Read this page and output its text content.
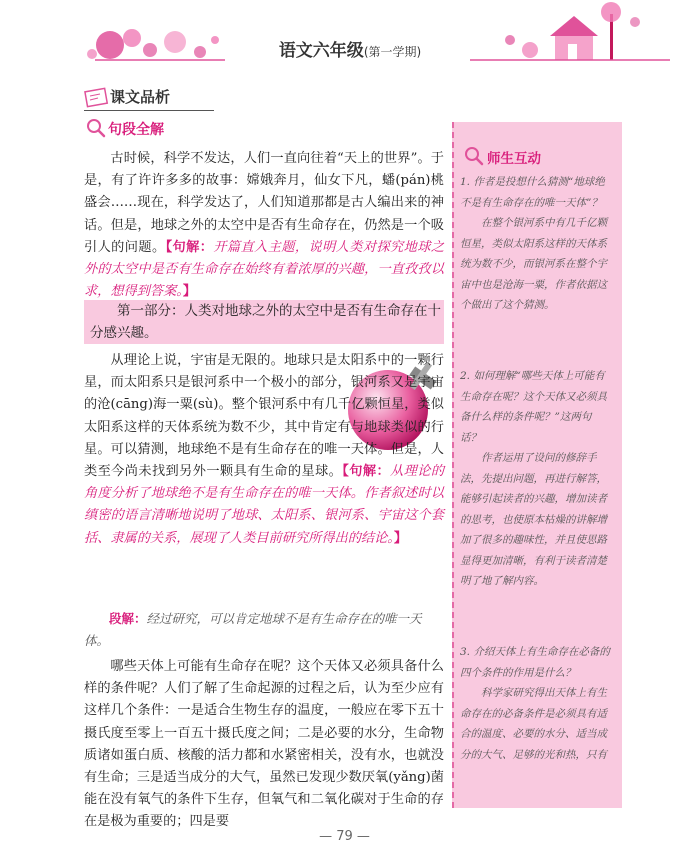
语文六年级(第一学期)
课文品析
句段全解

古时候，科学不发达，人们一直向往着“天上的世界”。于是，有了许许多多的故事：嫦娥奔月，仙女下凡，蟠(pán)桃盛会……现在，科学发达了，人们知道那都是古人编出来的神话。但是，地球之外的太空中是否有生命存在，仍然是一个吸引人的问题。【句解：开篇直入主题，说明人类对探究地球之外的太空中是否有生命存在始终有着浓厚的兴趣，一直孜孜以求，想得到答案。】

第一部分：人类对地球之外的太空中是否有生命存在十分感兴趣。

从理论上说，宇宙是无限的。地球只是太阳系中的一颗行星，而太阳系只是银河系中一个极小的部分，银河系又是宇宙的沧(cāng)海一粟(sù)。整个银河系中有几千亿颗恒星，类似太阳系这样的天体系统为数不少，其中肯定有与地球类似的行星。可以猜测，地球绝不是有生命存在的唯一天体。但是，人类至今尚未找到另外一颗具有生命的星球。【句解：从理论的角度分析了地球绝不是有生命存在的唯一天体。作者叙述时以缜密的语言清晰地说明了地球、太阳系、银河系、宇宙这个套括、隶属的关系，展现了人类目前研究所得出的结论。】

段解：经过研究，可以肯定地球不是有生命存在的唯一天体。

哪些天体上可能有生命存在呢？这个天体又必须具备什么样的条件呢？人们了解了生命起源的过程之后，认为至少应有这样几个条件：一是适合生物生存的温度，一般应在零下五十摄氏度至零上一百五十摄氏度之间；二是必要的水分，生命物质诸如蛋白质、核酸的活力都和水紧密相关，没有水，也就没有生命；三是适当成分的大气，虽然已发现少数厌氧(yǎng)菌能在没有氧气的条件下生存，但氧气和二氧化碳对于生命的存在是极为重要的；四是要

师生互动
1. 作者是投想什么猜测“地球绝不是有生命存在的唯一天体”？
在整个银河系中有几千亿颗恒星，类似太阳系这样的天体系统为数不少，而银河系在整个宇宙中也是沧海一粟，作者依据这个做出了这个猜测。
2. 如何理解“哪些天体上可能有生命存在呢？这个天体又必须具备什么样的条件呢？”这两句话？
作者运用了设问的修辞手法，先提出问题，再进行解答，能够引起读者的兴趣，增加读者的思考，也使原本枯燥的讲解增加了很多的趣味性，并且使思路显得更加清晰，有利于读者清楚明了地了解内容。
3. 介绍天体上有生命存在必备的四个条件的作用是什么？
科学家研究得出天体上有生命存在的必备条件是必须具有适合的温度、必要的水分、适当成分的大气、足够的光和热，只有
— 79 —
